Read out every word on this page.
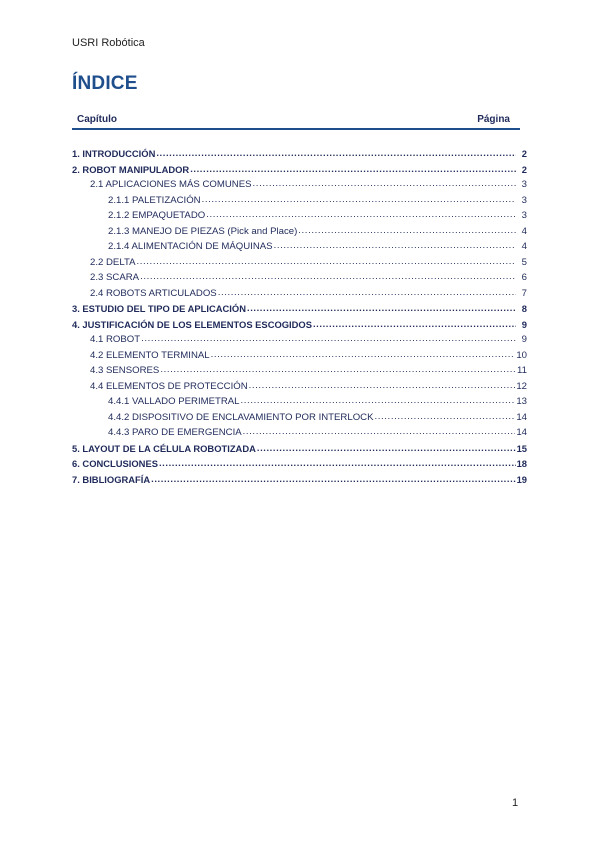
USRI Robótica
ÍNDICE
Capítulo	Página
1. INTRODUCCIÓN .....	2
2. ROBOT MANIPULADOR .....	2
2.1 APLICACIONES MÁS COMUNES .....	3
2.1.1 PALETIZACIÓN .....	3
2.1.2 EMPAQUETADO .....	3
2.1.3 MANEJO DE PIEZAS (Pick and Place) .....	4
2.1.4 ALIMENTACIÓN DE MÁQUINAS .....	4
2.2 DELTA .....	5
2.3 SCARA .....	6
2.4 ROBOTS ARTICULADOS .....	7
3. ESTUDIO DEL TIPO DE APLICACIÓN .....	8
4. JUSTIFICACIÓN DE LOS ELEMENTOS ESCOGIDOS .....	9
4.1 ROBOT .....	9
4.2 ELEMENTO TERMINAL .....	10
4.3 SENSORES .....	11
4.4 ELEMENTOS DE PROTECCIÓN .....	12
4.4.1 VALLADO PERIMETRAL .....	13
4.4.2 DISPOSITIVO DE ENCLAVAMIENTO POR INTERLOCK .....	14
4.4.3 PARO DE EMERGENCIA .....	14
5. LAYOUT DE LA CÉLULA ROBOTIZADA .....	15
6. CONCLUSIONES .....	18
7. BIBLIOGRAFÍA .....	19
1
